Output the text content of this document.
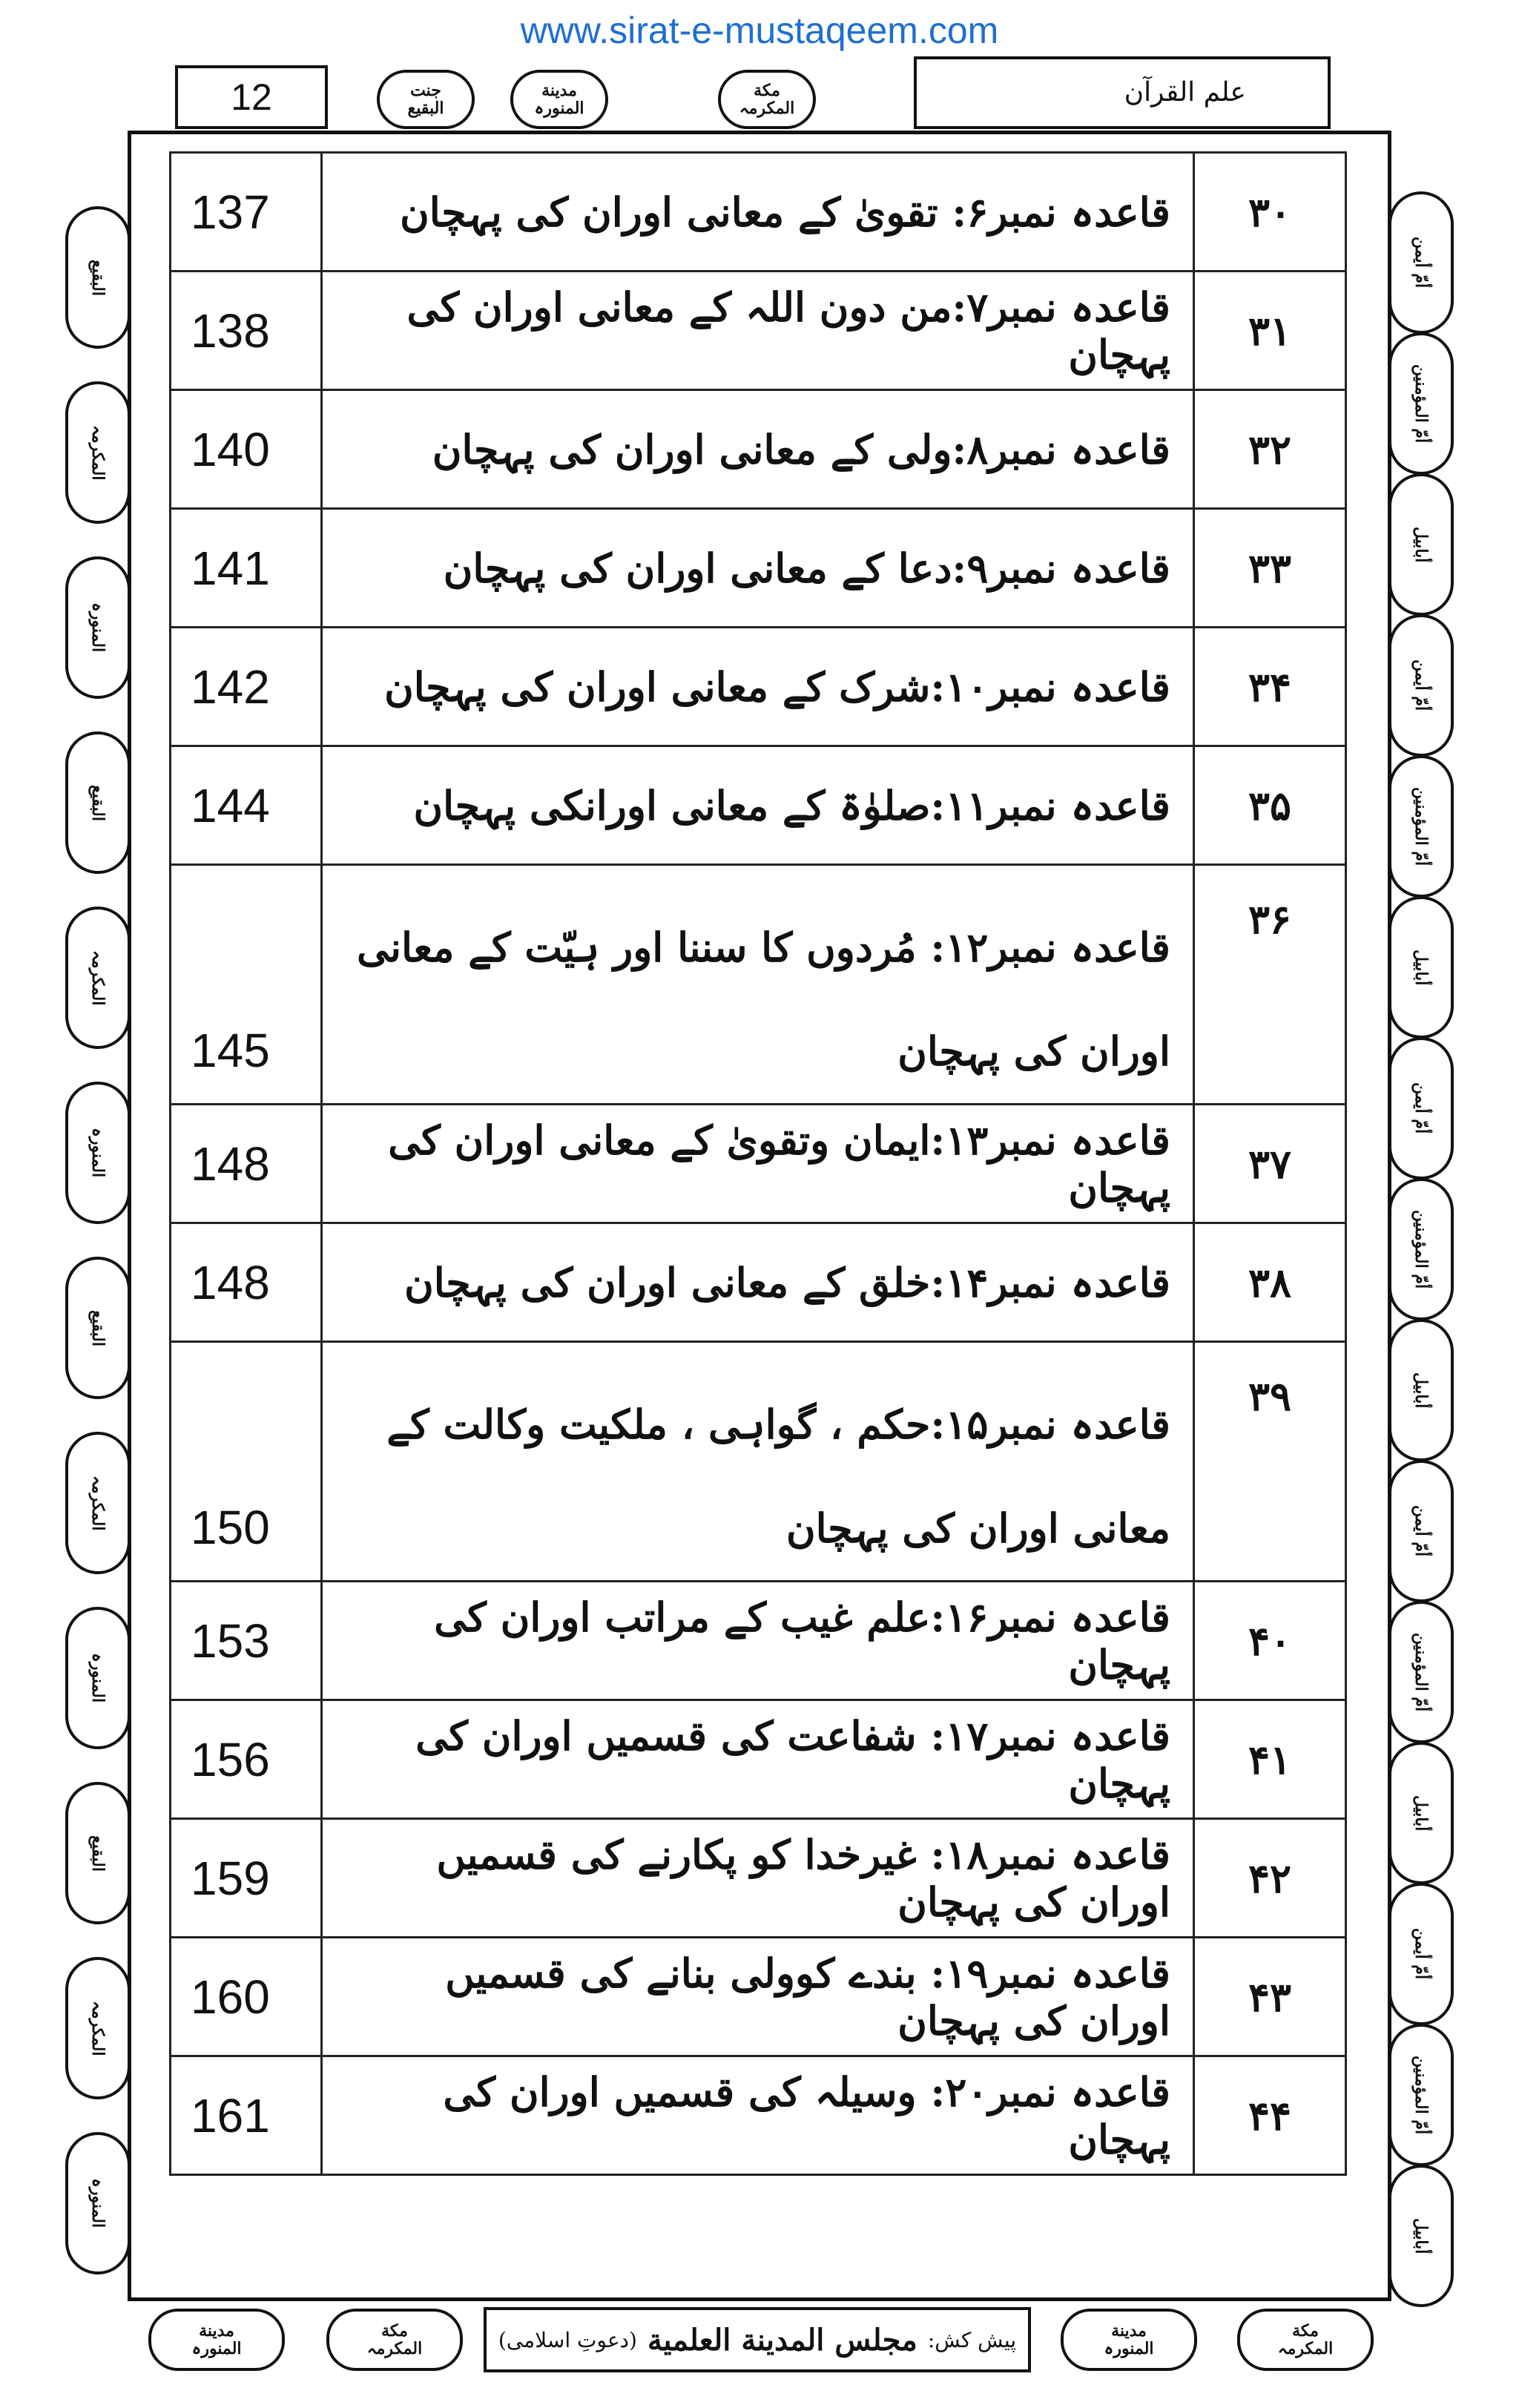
www.sirat-e-mustaqeem.com
12	جنت
البقیع
مدینة
المنورہ
مکة
المکرمہ
علم القرآن
137	قاعدہ نمبر۶: تقویٰ کے معانی اوران کی پہچان	۳۰
138	قاعدہ نمبر۷:من دون اللہ کے معانی اوران کی پہچان	۳۱
140	قاعدہ نمبر۸:ولی کے معانی اوران کی پہچان	۳۲
141	قاعدہ نمبر۹:دعا کے معانی اوران کی پہچان	۳۳
142	قاعدہ نمبر۱۰:شرک کے معانی اوران کی پہچان	۳۴
144	قاعدہ نمبر۱۱:صلوٰۃ کے معانی اورانکی پہچان	۳۵
145	قاعدہ نمبر۱۲: مُردوں کا سننا اور ہیّت کے معانی اوران کی پہچان	۳۶
148	قاعدہ نمبر۱۳:ایمان وتقویٰ کے معانی اوران کی پہچان	۳۷
148	قاعدہ نمبر۱۴:خلق کے معانی اوران کی پہچان	۳۸
150	قاعدہ نمبر۱۵:حکم ، گواہی ، ملکیت وکالت کے معانی اوران کی پہچان	۳۹
153	قاعدہ نمبر۱۶:علم غیب کے مراتب اوران کی پہچان	۴۰
156	قاعدہ نمبر۱۷: شفاعت کی قسمیں اوران کی پہچان	۴۱
159	قاعدہ نمبر۱۸: غیرخدا کو پکارنے کی قسمیں اوران کی پہچان	۴۲
160	قاعدہ نمبر۱۹: بندے کوولی بنانے کی قسمیں اوران کی پہچان	۴۳
161	قاعدہ نمبر۲۰: وسیلہ کی قسمیں اوران کی پہچان	۴۴
البقیع
المکرمہ
المنورہ
البقیع
المکرمہ
المنورہ
البقیع
المکرمہ
المنورہ
البقیع
المکرمہ
المنورہ
أمّ أیمن
أمّ المؤمنین
أبابیل
أمّ أیمن
أمّ المؤمنین
أبابیل
أمّ أیمن
أمّ المؤمنین
أبابیل
أمّ أیمن
أمّ المؤمنین
أبابیل
أمّ أیمن
أمّ المؤمنین
أبابیل
مدینة
المنورہ
مکة
المکرمہ	پیش کش:
مجلس المدینة العلمیة
(دعوتِ اسلامی)	مدینة
المنورہ
مکة
المکرمہ
